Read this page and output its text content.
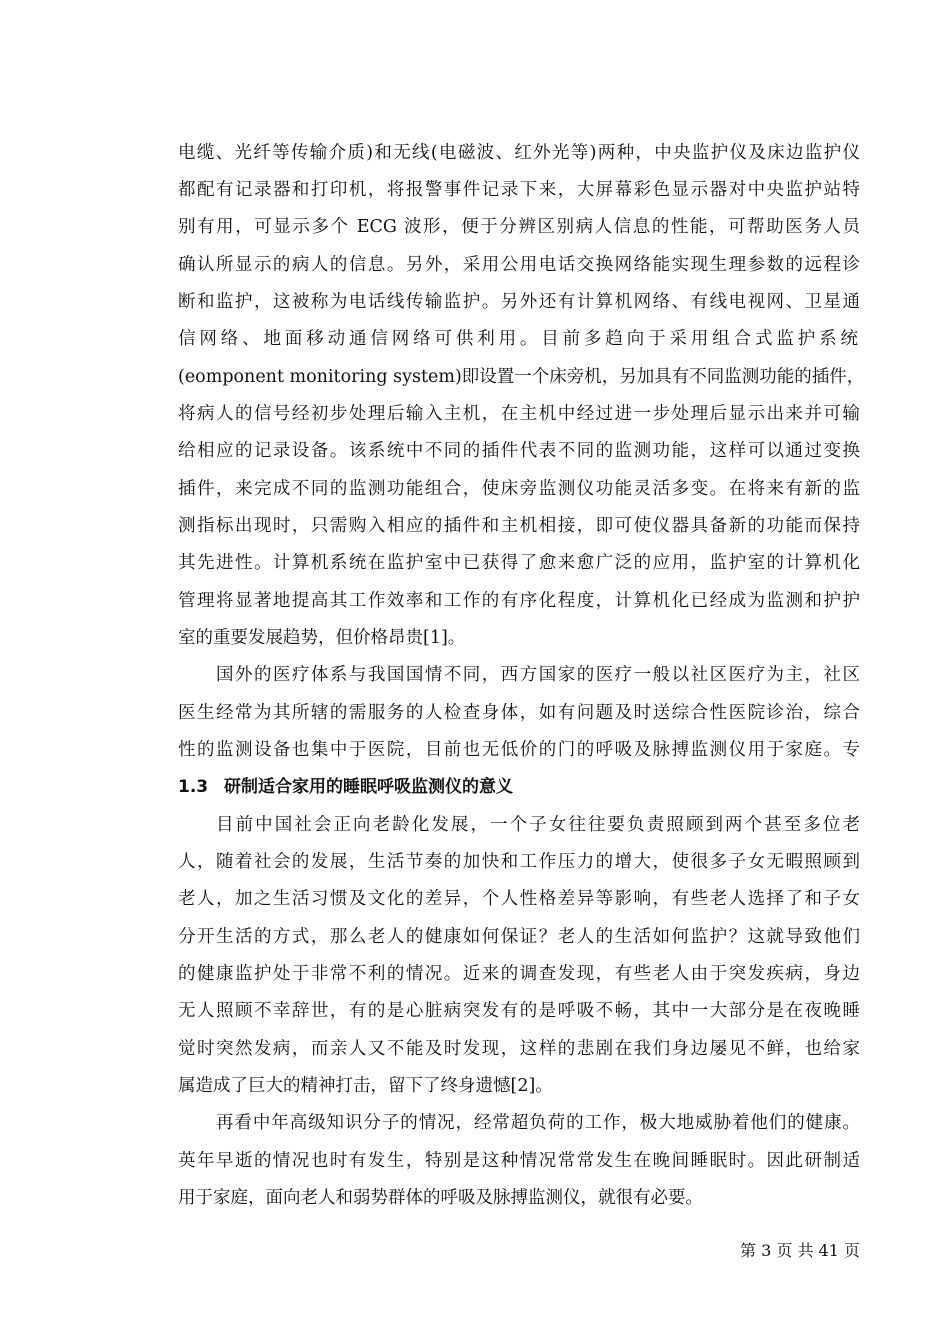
电缆、光纤等传输介质)和无线(电磁波、红外光等)两种，中央监护仪及床边监护仪
都配有记录器和打印机，将报警事件记录下来，大屏幕彩色显示器对中央监护站特
别有用，可显示多个 ECG 波形，便于分辨区别病人信息的性能，可帮助医务人员
确认所显示的病人的信息。另外，采用公用电话交换网络能实现生理参数的远程诊
断和监护，这被称为电话线传输监护。另外还有计算机网络、有线电视网、卫星通
信网络、地面移动通信网络可供利用。目前多趋向于采用组合式监护系统
(eomponent monitoring system)即设置一个床旁机，另加具有不同监测功能的插件，
将病人的信号经初步处理后输入主机，在主机中经过进一步处理后显示出来并可输
给相应的记录设备。该系统中不同的插件代表不同的监测功能，这样可以通过变换
插件，来完成不同的监测功能组合，使床旁监测仪功能灵活多变。在将来有新的监
测指标出现时，只需购入相应的插件和主机相接，即可使仪器具备新的功能而保持
其先进性。计算机系统在监护室中已获得了愈来愈广泛的应用，监护室的计算机化
管理将显著地提高其工作效率和工作的有序化程度，计算机化已经成为监测和护护
室的重要发展趋势，但价格昂贵[1]。
国外的医疗体系与我国国情不同，西方国家的医疗一般以社区医疗为主，社区
医生经常为其所辖的需服务的人检查身体，如有问题及时送综合性医院诊治，综合
性的监测设备也集中于医院，目前也无低价的门的呼吸及脉搏监测仪用于家庭。专
1.3 研制适合家用的睡眠呼吸监测仪的意义
目前中国社会正向老龄化发展，一个子女往往要负责照顾到两个甚至多位老
人，随着社会的发展，生活节奏的加快和工作压力的增大，使很多子女无暇照顾到
老人，加之生活习惯及文化的差异，个人性格差异等影响，有些老人选择了和子女
分开生活的方式，那么老人的健康如何保证？老人的生活如何监护？这就导致他们
的健康监护处于非常不利的情况。近来的调查发现，有些老人由于突发疾病，身边
无人照顾不幸辞世，有的是心脏病突发有的是呼吸不畅，其中一大部分是在夜晚睡
觉时突然发病，而亲人又不能及时发现，这样的悲剧在我们身边屡见不鲜，也给家
属造成了巨大的精神打击，留下了终身遗憾[2]。
再看中年高级知识分子的情况，经常超负荷的工作，极大地威胁着他们的健康。
英年早逝的情况也时有发生，特别是这种情况常常发生在晚间睡眠时。因此研制适
用于家庭，面向老人和弱势群体的呼吸及脉搏监测仪，就很有必要。
第 3 页 共 41 页
